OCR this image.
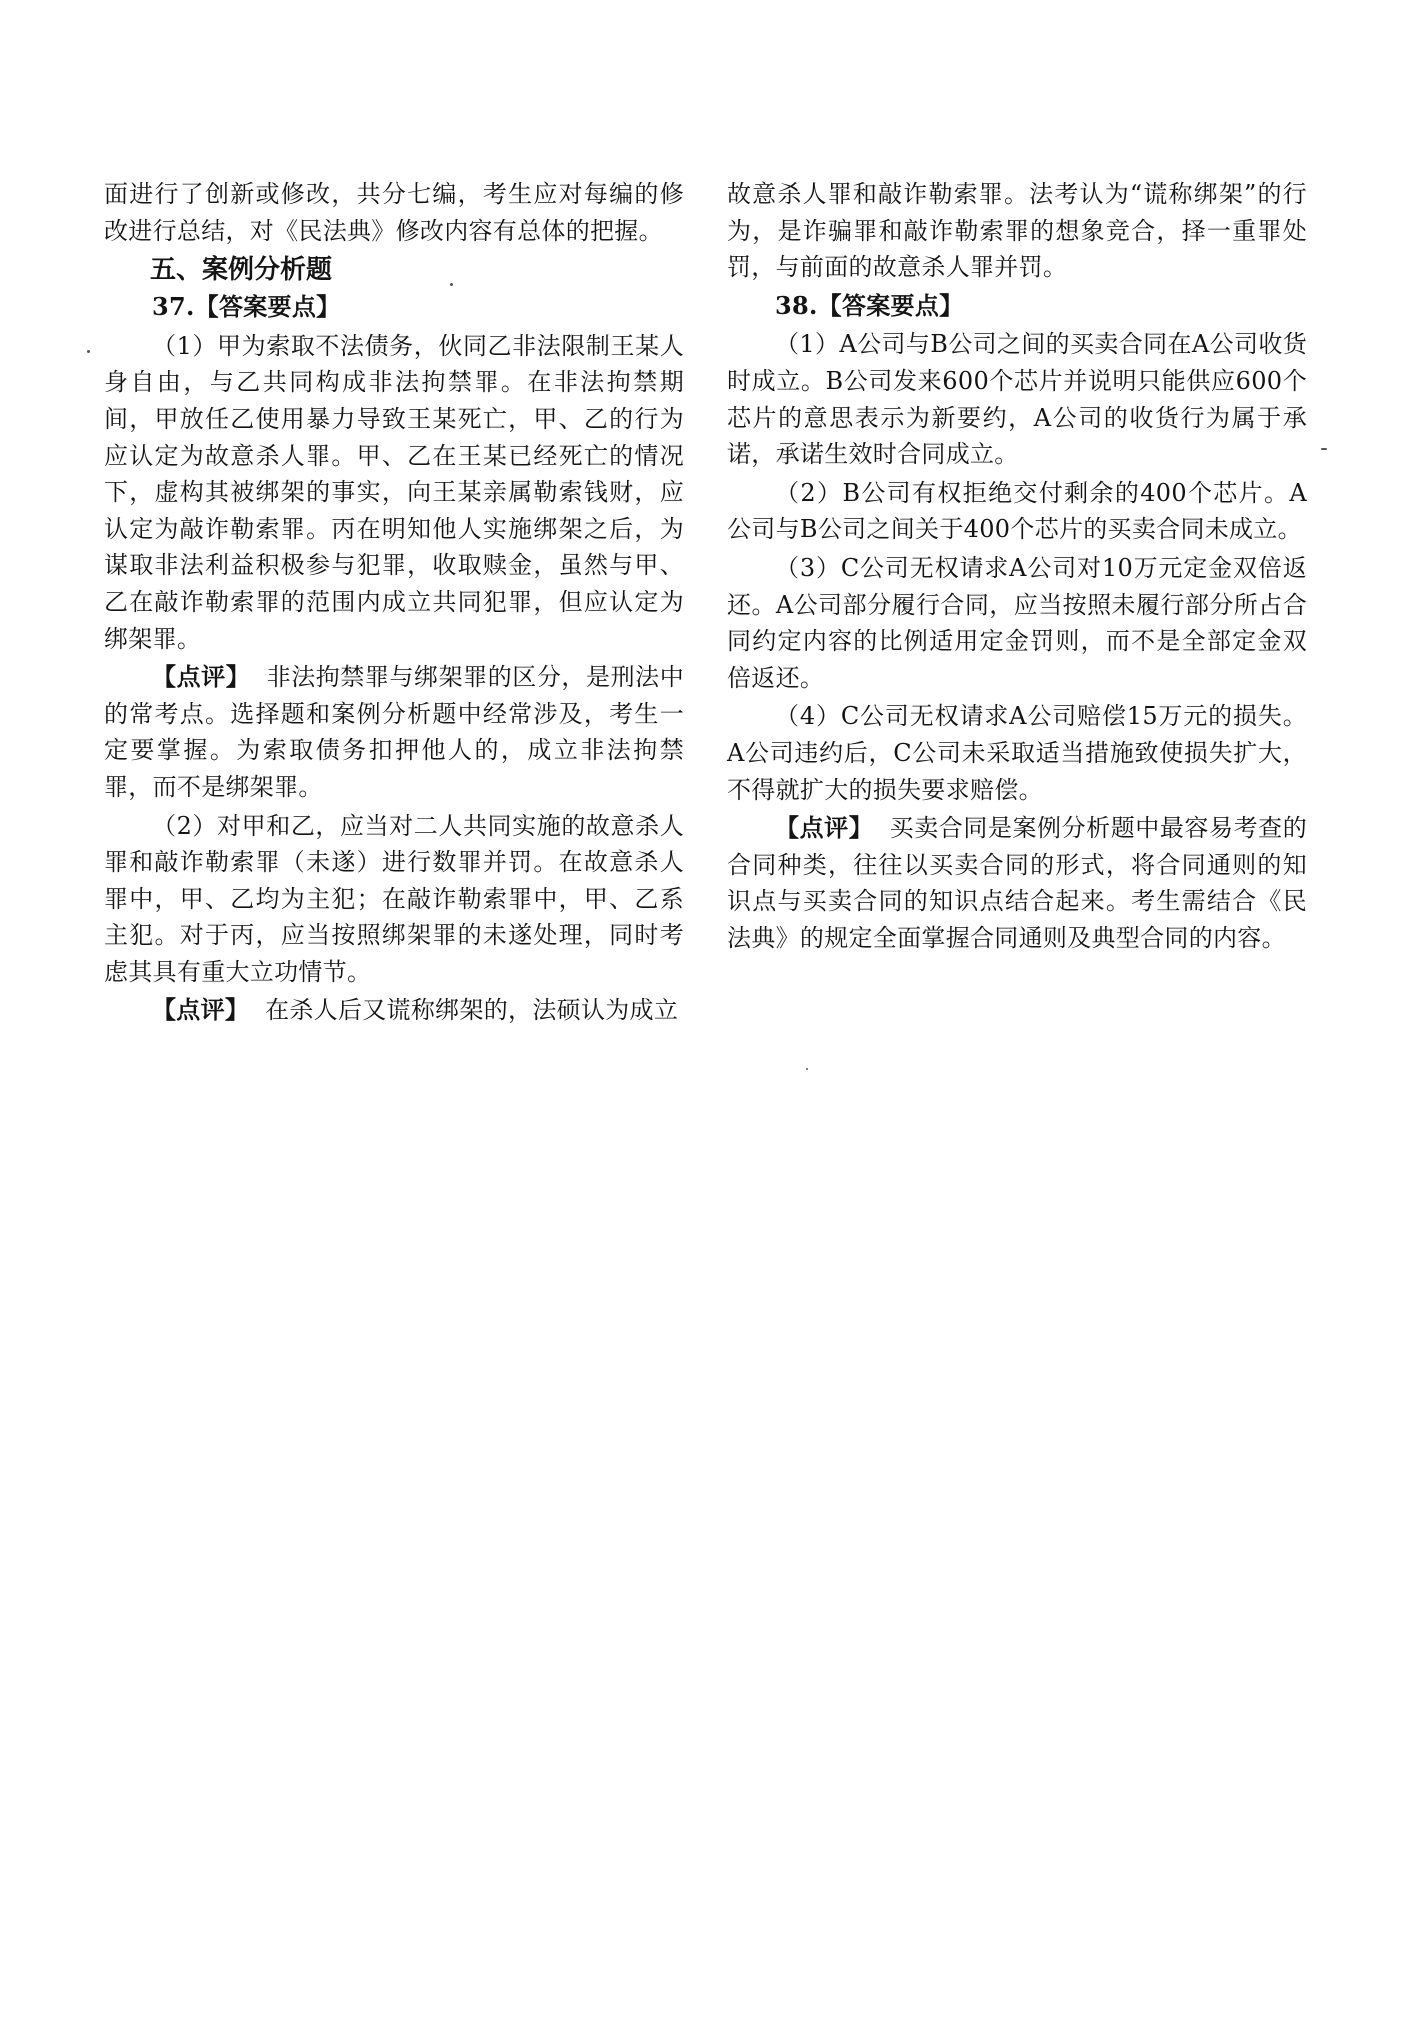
面进行了创新或修改，共分七编，考生应对每编的修改进行总结，对《民法典》修改内容有总体的把握。

五、案例分析题

37.【答案要点】

（1）甲为索取不法债务，伙同乙非法限制王某人身自由，与乙共同构成非法拘禁罪。在非法拘禁期间，甲放任乙使用暴力导致王某死亡，甲、乙的行为应认定为故意杀人罪。甲、乙在王某已经死亡的情况下，虚构其被绑架的事实，向王某亲属勒索钱财，应认定为敲诈勒索罪。丙在明知他人实施绑架之后，为谋取非法利益积极参与犯罪，收取赎金，虽然与甲、乙在敲诈勒索罪的范围内成立共同犯罪，但应认定为绑架罪。

【点评】 非法拘禁罪与绑架罪的区分，是刑法中的常考点。选择题和案例分析题中经常涉及，考生一定要掌握。为索取债务扣押他人的，成立非法拘禁罪，而不是绑架罪。

（2）对甲和乙，应当对二人共同实施的故意杀人罪和敲诈勒索罪（未遂）进行数罪并罚。在故意杀人罪中，甲、乙均为主犯；在敲诈勒索罪中，甲、乙系主犯。对于丙，应当按照绑架罪的未遂处理，同时考虑其具有重大立功情节。

【点评】 在杀人后又谎称绑架的，法硕认为成立

故意杀人罪和敲诈勒索罪。法考认为“谎称绑架”的行为，是诈骗罪和敲诈勒索罪的想象竞合，择一重罪处罚，与前面的故意杀人罪并罚。

38.【答案要点】

（1）A公司与B公司之间的买卖合同在A公司收货时成立。B公司发来600个芯片并说明只能供应600个芯片的意思表示为新要约，A公司的收货行为属于承诺，承诺生效时合同成立。

（2）B公司有权拒绝交付剩余的400个芯片。A公司与B公司之间关于400个芯片的买卖合同未成立。

（3）C公司无权请求A公司对10万元定金双倍返还。A公司部分履行合同，应当按照未履行部分所占合同约定内容的比例适用定金罚则，而不是全部定金双倍返还。

（4）C公司无权请求A公司赔偿15万元的损失。A公司违约后，C公司未采取适当措施致使损失扩大，不得就扩大的损失要求赔偿。

【点评】 买卖合同是案例分析题中最容易考查的合同种类，往往以买卖合同的形式，将合同通则的知识点与买卖合同的知识点结合起来。考生需结合《民法典》的规定全面掌握合同通则及典型合同的内容。
